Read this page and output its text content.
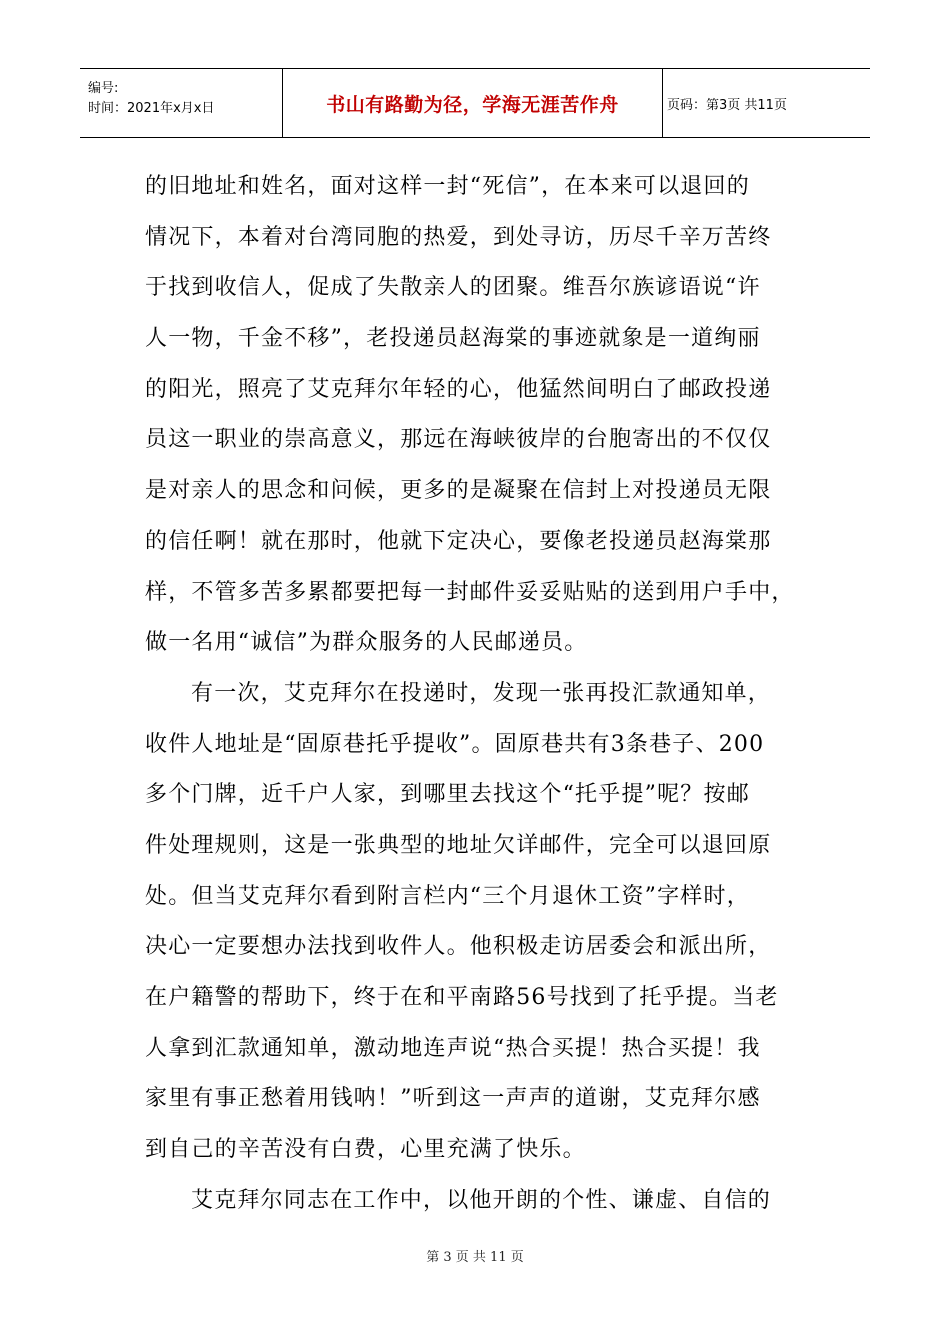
编号:
时间：2021年x月x日	书山有路勤为径，学海无涯苦作舟	页码：第3页 共11页
的旧地址和姓名，面对这样一封“死信”，在本来可以退回的
情况下，本着对台湾同胞的热爱，到处寻访，历尽千辛万苦终
于找到收信人，促成了失散亲人的团聚。维吾尔族谚语说“许
人一物，千金不移”，老投递员赵海棠的事迹就象是一道绚丽
的阳光，照亮了艾克拜尔年轻的心，他猛然间明白了邮政投递
员这一职业的崇高意义，那远在海峡彼岸的台胞寄出的不仅仅
是对亲人的思念和问候，更多的是凝聚在信封上对投递员无限
的信任啊！就在那时，他就下定决心，要像老投递员赵海棠那
样，不管多苦多累都要把每一封邮件妥妥贴贴的送到用户手中，
做一名用“诚信”为群众服务的人民邮递员。
有一次，艾克拜尔在投递时，发现一张再投汇款通知单，
收件人地址是“固原巷托乎提收”。固原巷共有3条巷子、200
多个门牌，近千户人家，到哪里去找这个“托乎提”呢？按邮
件处理规则，这是一张典型的地址欠详邮件，完全可以退回原
处。但当艾克拜尔看到附言栏内“三个月退休工资”字样时，
决心一定要想办法找到收件人。他积极走访居委会和派出所，
在户籍警的帮助下，终于在和平南路56号找到了托乎提。当老
人拿到汇款通知单，激动地连声说“热合买提！热合买提！我
家里有事正愁着用钱呐！”听到这一声声的道谢，艾克拜尔感
到自己的辛苦没有白费，心里充满了快乐。
艾克拜尔同志在工作中，以他开朗的个性、谦虚、自信的
第 3 页 共 11 页
